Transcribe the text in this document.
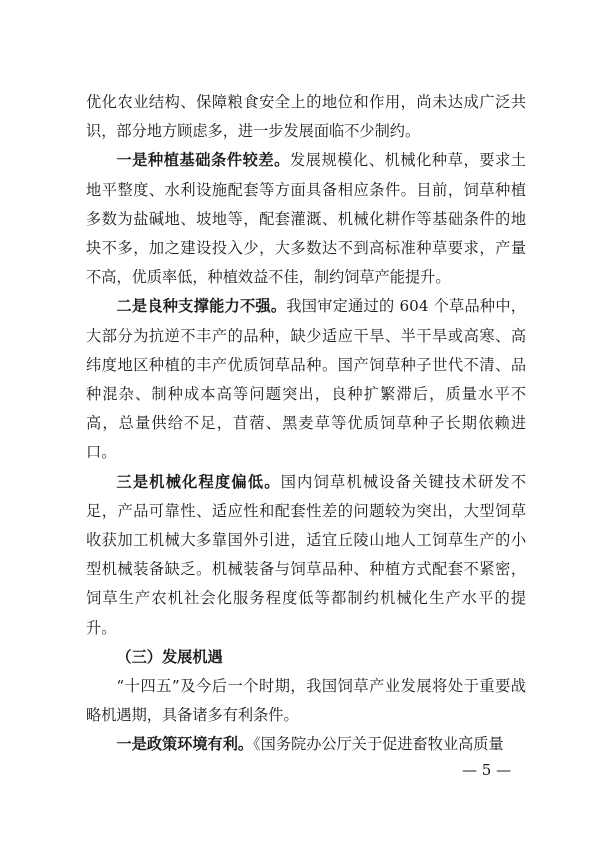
优化农业结构、保障粮食安全上的地位和作用，尚未达成广泛共识，部分地方顾虑多，进一步发展面临不少制约。

一是种植基础条件较差。发展规模化、机械化种草，要求土地平整度、水利设施配套等方面具备相应条件。目前，饲草种植多数为盐碱地、坡地等，配套灌溉、机械化耕作等基础条件的地块不多，加之建设投入少，大多数达不到高标准种草要求，产量不高，优质率低，种植效益不佳，制约饲草产能提升。

二是良种支撑能力不强。我国审定通过的 604 个草品种中，大部分为抗逆不丰产的品种，缺少适应干旱、半干旱或高寒、高纬度地区种植的丰产优质饲草品种。国产饲草种子世代不清、品种混杂、制种成本高等问题突出，良种扩繁滞后，质量水平不高，总量供给不足，苜蓿、黑麦草等优质饲草种子长期依赖进口。

三是机械化程度偏低。国内饲草机械设备关键技术研发不足，产品可靠性、适应性和配套性差的问题较为突出，大型饲草收获加工机械大多靠国外引进，适宜丘陵山地人工饲草生产的小型机械装备缺乏。机械装备与饲草品种、种植方式配套不紧密，饲草生产农机社会化服务程度低等都制约机械化生产水平的提升。

（三）发展机遇

“十四五”及今后一个时期，我国饲草产业发展将处于重要战略机遇期，具备诸多有利条件。

一是政策环境有利。《国务院办公厅关于促进畜牧业高质量

— 5 —
